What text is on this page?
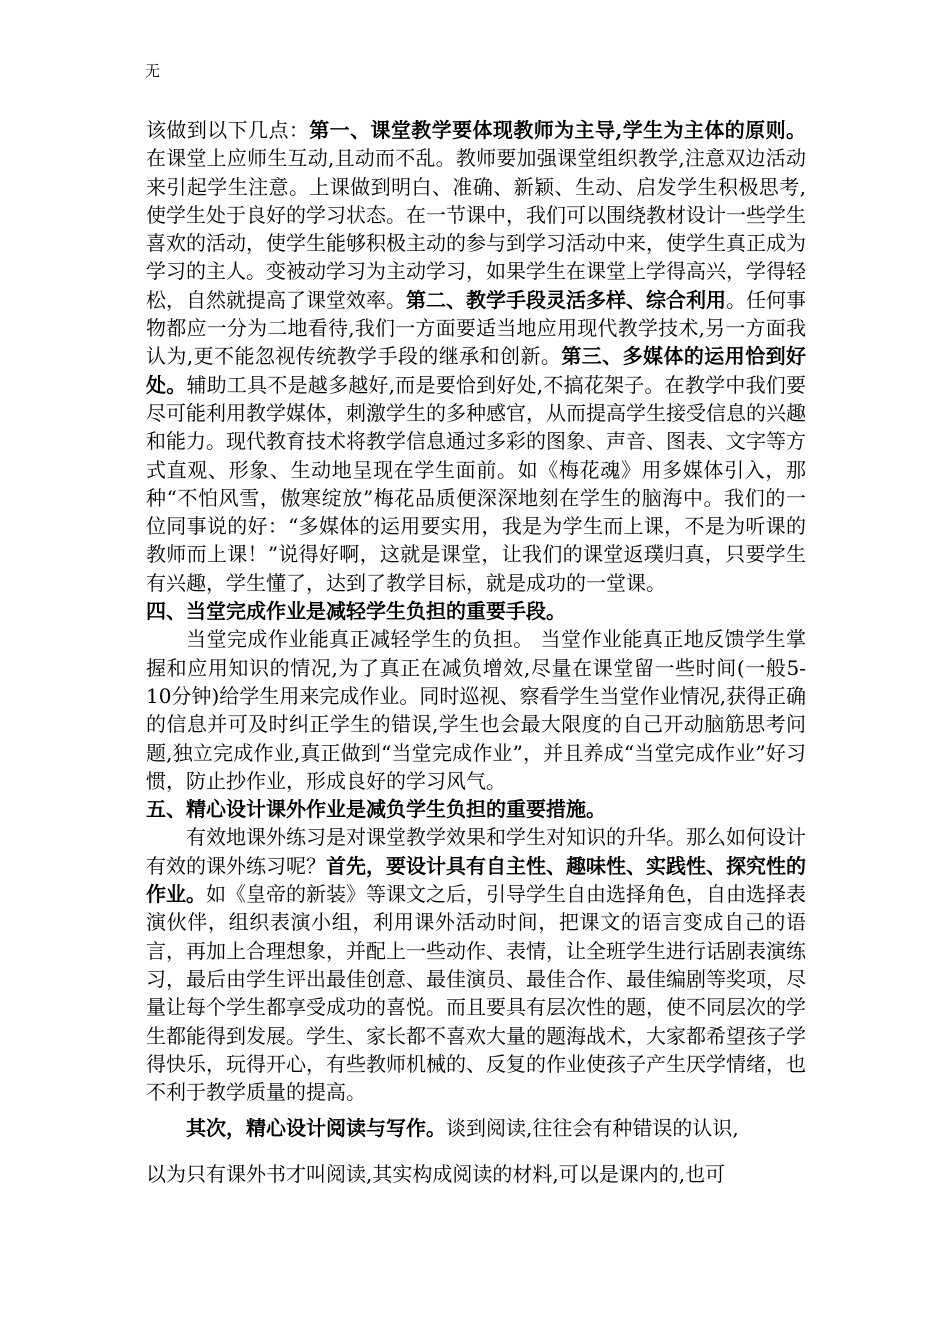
无

该做到以下几点：第一、课堂教学要体现教师为主导,学生为主体的原则。在课堂上应师生互动,且动而不乱。教师要加强课堂组织教学,注意双边活动来引起学生注意。上课做到明白、准确、新颖、生动、启发学生积极思考,使学生处于良好的学习状态。在一节课中，我们可以围绕教材设计一些学生喜欢的活动，使学生能够积极主动的参与到学习活动中来，使学生真正成为学习的主人。变被动学习为主动学习，如果学生在课堂上学得高兴，学得轻松，自然就提高了课堂效率。第二、教学手段灵活多样、综合利用。任何事物都应一分为二地看待,我们一方面要适当地应用现代教学技术,另一方面我认为,更不能忽视传统教学手段的继承和创新。第三、多媒体的运用恰到好处。辅助工具不是越多越好,而是要恰到好处,不搞花架子。在教学中我们要尽可能利用教学媒体，刺激学生的多种感官，从而提高学生接受信息的兴趣和能力。现代教育技术将教学信息通过多彩的图象、声音、图表、文字等方式直观、形象、生动地呈现在学生面前。如《梅花魂》用多媒体引入，那种“不怕风雪，傲寒绽放”梅花品质便深深地刻在学生的脑海中。我们的一位同事说的好：“多媒体的运用要实用，我是为学生而上课，不是为听课的教师而上课！”说得好啊，这就是课堂，让我们的课堂返璞归真，只要学生有兴趣，学生懂了，达到了教学目标，就是成功的一堂课。

四、当堂完成作业是减轻学生负担的重要手段。

当堂完成作业能真正减轻学生的负担。 当堂作业能真正地反馈学生掌握和应用知识的情况,为了真正在减负增效,尽量在课堂留一些时间(一般5-10分钟)给学生用来完成作业。同时巡视、察看学生当堂作业情况,获得正确的信息并可及时纠正学生的错误,学生也会最大限度的自己开动脑筋思考问题,独立完成作业,真正做到“当堂完成作业”，并且养成“当堂完成作业”好习惯，防止抄作业，形成良好的学习风气。

五、精心设计课外作业是减负学生负担的重要措施。

有效地课外练习是对课堂教学效果和学生对知识的升华。那么如何设计有效的课外练习呢？首先，要设计具有自主性、趣味性、实践性、探究性的作业。如《皇帝的新装》等课文之后，引导学生自由选择角色，自由选择表演伙伴，组织表演小组，利用课外活动时间，把课文的语言变成自己的语言，再加上合理想象，并配上一些动作、表情，让全班学生进行话剧表演练习，最后由学生评出最佳创意、最佳演员、最佳合作、最佳编剧等奖项，尽量让每个学生都享受成功的喜悦。而且要具有层次性的题，使不同层次的学生都能得到发展。学生、家长都不喜欢大量的题海战术，大家都希望孩子学得快乐，玩得开心，有些教师机械的、反复的作业使孩子产生厌学情绪，也不利于教学质量的提高。

其次，精心设计阅读与写作。谈到阅读,往往会有种错误的认识,

以为只有课外书才叫阅读,其实构成阅读的材料,可以是课内的,也可
